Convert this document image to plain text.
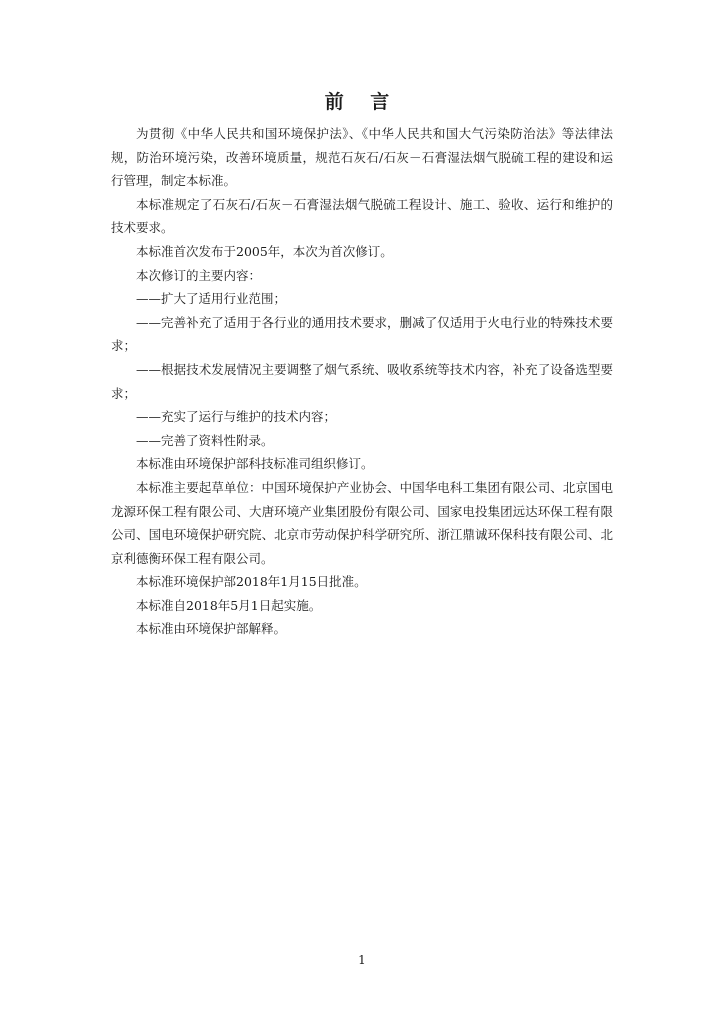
前 言

为贯彻《中华人民共和国环境保护法》、《中华人民共和国大气污染防治法》等法律法规，防治环境污染，改善环境质量，规范石灰石/石灰－石膏湿法烟气脱硫工程的建设和运行管理，制定本标准。

本标准规定了石灰石/石灰－石膏湿法烟气脱硫工程设计、施工、验收、运行和维护的技术要求。

本标准首次发布于2005年，本次为首次修订。

本次修订的主要内容：

——扩大了适用行业范围；

——完善补充了适用于各行业的通用技术要求，删减了仅适用于火电行业的特殊技术要求；

——根据技术发展情况主要调整了烟气系统、吸收系统等技术内容，补充了设备选型要求；

——充实了运行与维护的技术内容；

——完善了资料性附录。

本标准由环境保护部科技标准司组织修订。

本标准主要起草单位：中国环境保护产业协会、中国华电科工集团有限公司、北京国电龙源环保工程有限公司、大唐环境产业集团股份有限公司、国家电投集团远达环保工程有限公司、国电环境保护研究院、北京市劳动保护科学研究所、浙江鼎诚环保科技有限公司、北京利德衡环保工程有限公司。

本标准环境保护部2018年1月15日批准。

本标准自2018年5月1日起实施。

本标准由环境保护部解释。

1
